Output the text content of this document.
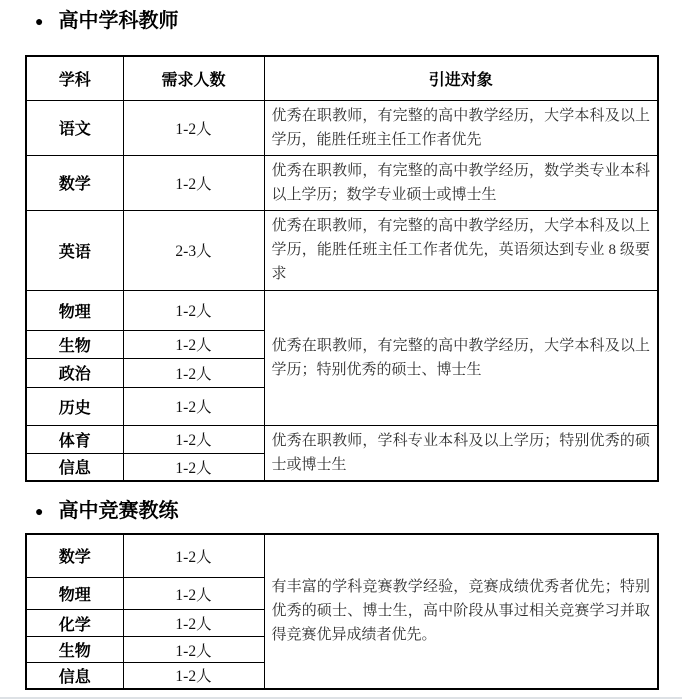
● 高中学科教师
学科	需求人数	引进对象
语文	1-2人	优秀在职教师，有完整的高中教学经历，大学本科及以上学历，能胜任班主任工作者优先
数学	1-2人	优秀在职教师，有完整的高中教学经历，数学类专业本科以上学历；数学专业硕士或博士生
英语	2-3人	优秀在职教师，有完整的高中教学经历，大学本科及以上学历，能胜任班主任工作者优先，英语须达到专业 8 级要求
物理	1-2人	优秀在职教师，有完整的高中教学经历，大学本科及以上学历；特别优秀的硕士、博士生
生物	1-2人	
政治	1-2人	
历史	1-2人	
体育	1-2人	优秀在职教师，学科专业本科及以上学历；特别优秀的硕士或博士生
信息	1-2人	
● 高中竞赛教练
数学	1-2人	有丰富的学科竞赛教学经验，竞赛成绩优秀者优先；特别优秀的硕士、博士生，高中阶段从事过相关竞赛学习并取得竞赛优异成绩者优先。
物理	1-2人	
化学	1-2人	
生物	1-2人	
信息	1-2人	
